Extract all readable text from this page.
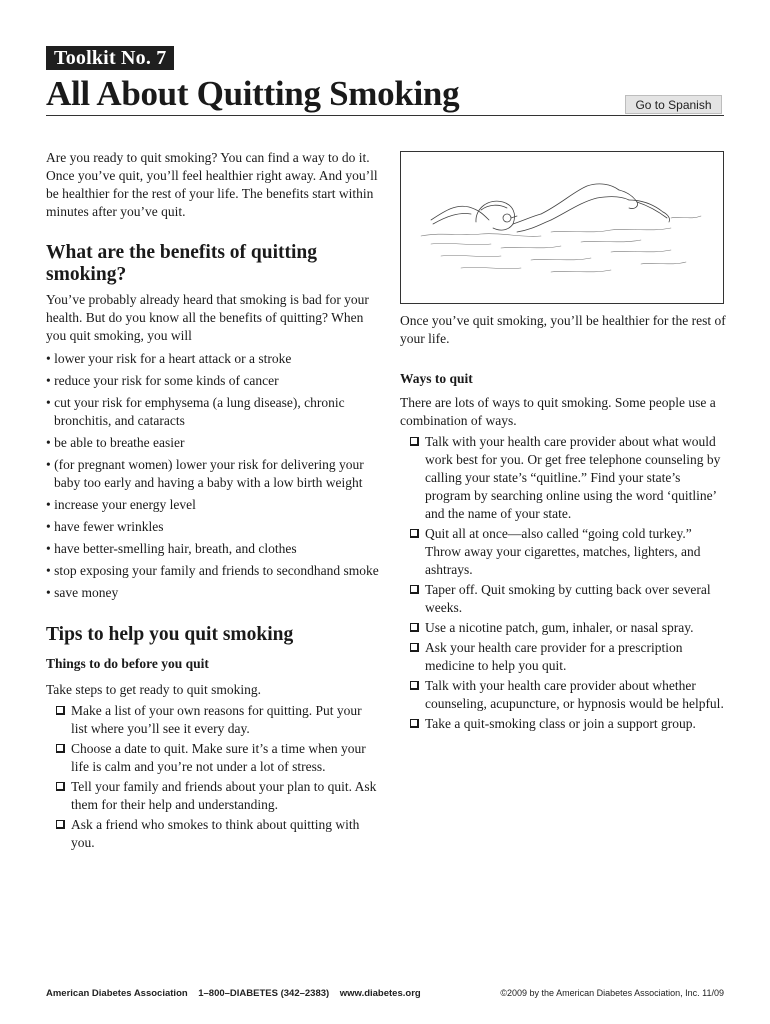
Toolkit No. 7
All About Quitting Smoking	Go to Spanish

Are you ready to quit smoking? You can find a way to do it. Once you’ve quit, you’ll feel healthier right away. And you’ll be healthier for the rest of your life. The benefits start within minutes after you’ve quit.

What are the benefits of quitting smoking?

You’ve probably already heard that smoking is bad for your health. But do you know all the benefits of quitting? When you quit smoking, you will

• lower your risk for a heart attack or a stroke
• reduce your risk for some kinds of cancer
• cut your risk for emphysema (a lung disease), chronic bronchitis, and cataracts
• be able to breathe easier
• (for pregnant women) lower your risk for delivering your baby too early and having a baby with a low birth weight
• increase your energy level
• have fewer wrinkles
• have better-smelling hair, breath, and clothes
• stop exposing your family and friends to secondhand smoke
• save money
Tips to help you quit smoking
Things to do before you quit

Take steps to get ready to quit smoking.

Make a list of your own reasons for quitting. Put your list where you’ll see it every day.
Choose a date to quit. Make sure it’s a time when your life is calm and you’re not under a lot of stress.
Tell your family and friends about your plan to quit. Ask them for their help and understanding.
Ask a friend who smokes to think about quitting with you.

Once you’ve quit smoking, you’ll be healthier for the rest of your life.

Ways to quit

There are lots of ways to quit smoking. Some people use a combination of ways.

Talk with your health care provider about what would work best for you. Or get free telephone counseling by calling your state’s “quitline.” Find your state’s program by searching online using the word ‘quitline’ and the name of your state.
Quit all at once—also called “going cold turkey.” Throw away your cigarettes, matches, lighters, and ashtrays.
Taper off. Quit smoking by cutting back over several weeks.
Use a nicotine patch, gum, inhaler, or nasal spray.
Ask your health care provider for a prescription medicine to help you quit.
Talk with your health care provider about whether counseling, acupuncture, or hypnosis would be helpful.
Take a quit-smoking class or join a support group.
American Diabetes Association    1–800–DIABETES (342–2383)    www.diabetes.org	©2009 by the American Diabetes Association, Inc. 11/09
